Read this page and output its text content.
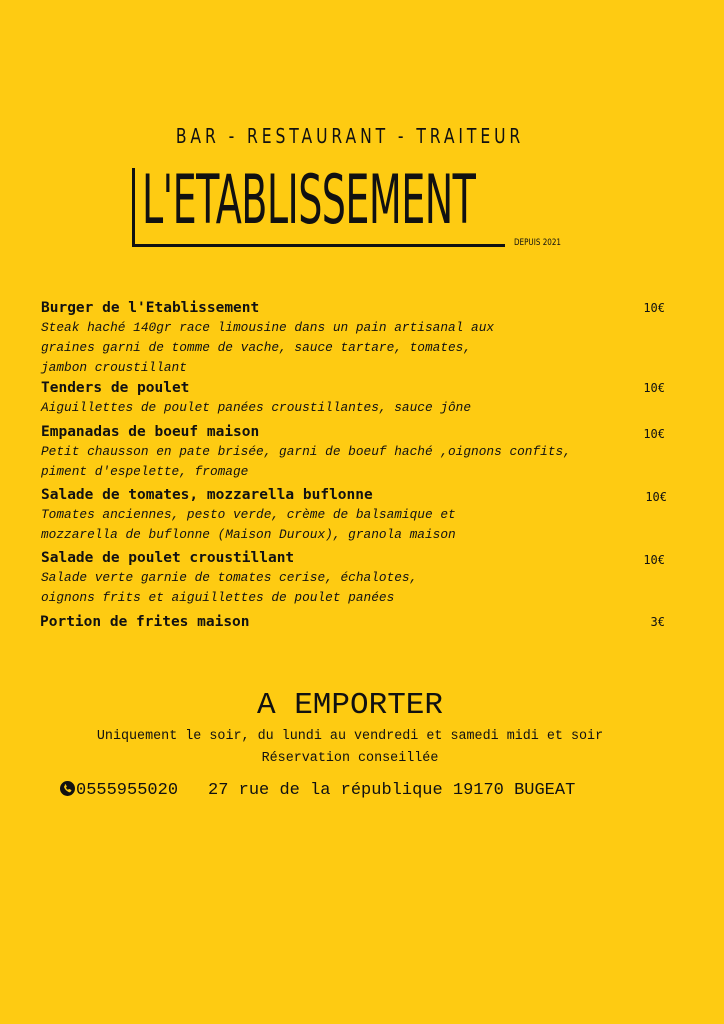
BAR - RESTAURANT - TRAITEUR
L'ETABLISSEMENT
DEPUIS 2021
Burger de l'Etablissement	10€
Steak haché 140gr race limousine dans un pain artisanal aux
graines garni de tomme de vache, sauce tartare, tomates,
jambon croustillant
Tenders de poulet	10€
Aiguillettes de poulet panées croustillantes, sauce jône
Empanadas de boeuf maison	10€
Petit chausson en pate brisée, garni de boeuf haché ,oignons confits,
piment d'espelette, fromage
Salade de tomates, mozzarella buflonne	10€
Tomates anciennes, pesto verde, crème de balsamique et
mozzarella de buflonne (Maison Duroux), granola maison
Salade de poulet croustillant	10€
Salade verte garnie de tomates cerise, échalotes,
oignons frits et aiguillettes de poulet panées
Portion de frites maison	3€
A EMPORTER
Uniquement le soir, du lundi au vendredi et samedi midi et soir
Réservation conseillée
0555955020 27 rue de la république 19170 BUGEAT
